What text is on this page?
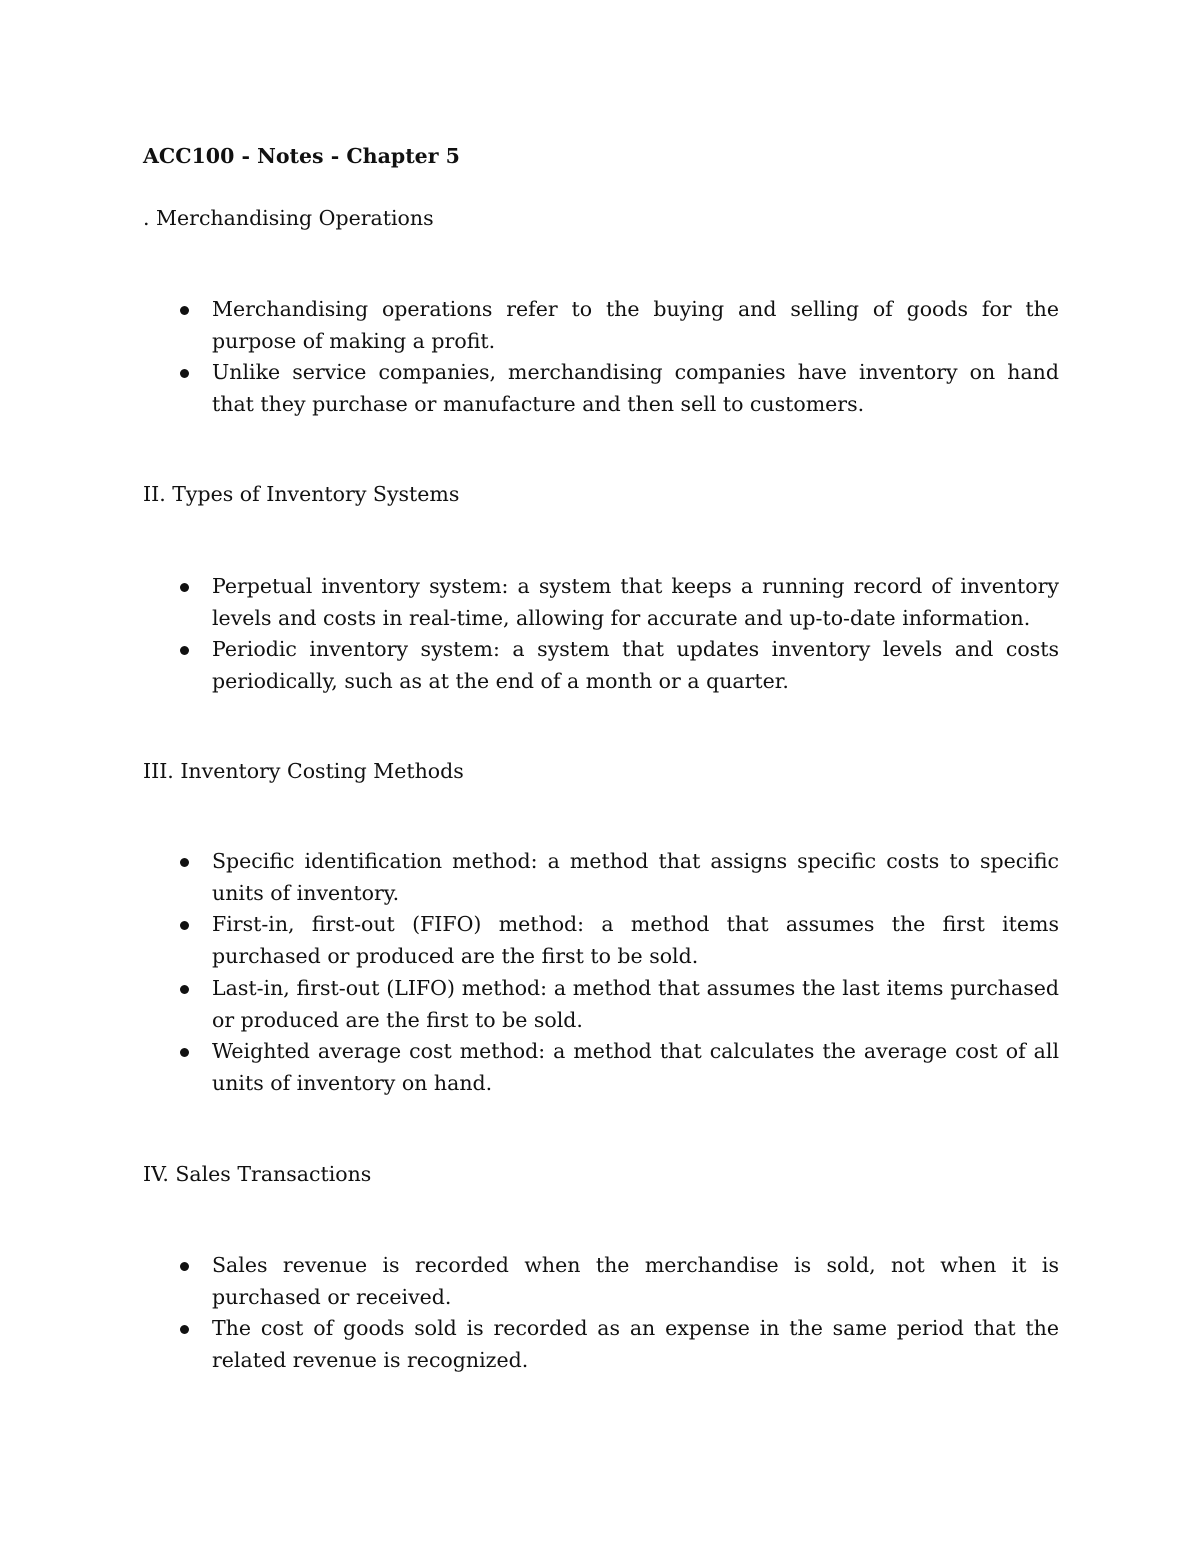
ACC100 - Notes - Chapter 5
. Merchandising Operations
Merchandising operations refer to the buying and selling of goods for the purpose of making a profit.
Unlike service companies, merchandising companies have inventory on hand that they purchase or manufacture and then sell to customers.
II. Types of Inventory Systems
Perpetual inventory system: a system that keeps a running record of inventory levels and costs in real-time, allowing for accurate and up-to-date information.
Periodic inventory system: a system that updates inventory levels and costs periodically, such as at the end of a month or a quarter.
III. Inventory Costing Methods
Specific identification method: a method that assigns specific costs to specific units of inventory.
First-in, first-out (FIFO) method: a method that assumes the first items purchased or produced are the first to be sold.
Last-in, first-out (LIFO) method: a method that assumes the last items purchased or produced are the first to be sold.
Weighted average cost method: a method that calculates the average cost of all units of inventory on hand.
IV. Sales Transactions
Sales revenue is recorded when the merchandise is sold, not when it is purchased or received.
The cost of goods sold is recorded as an expense in the same period that the related revenue is recognized.
